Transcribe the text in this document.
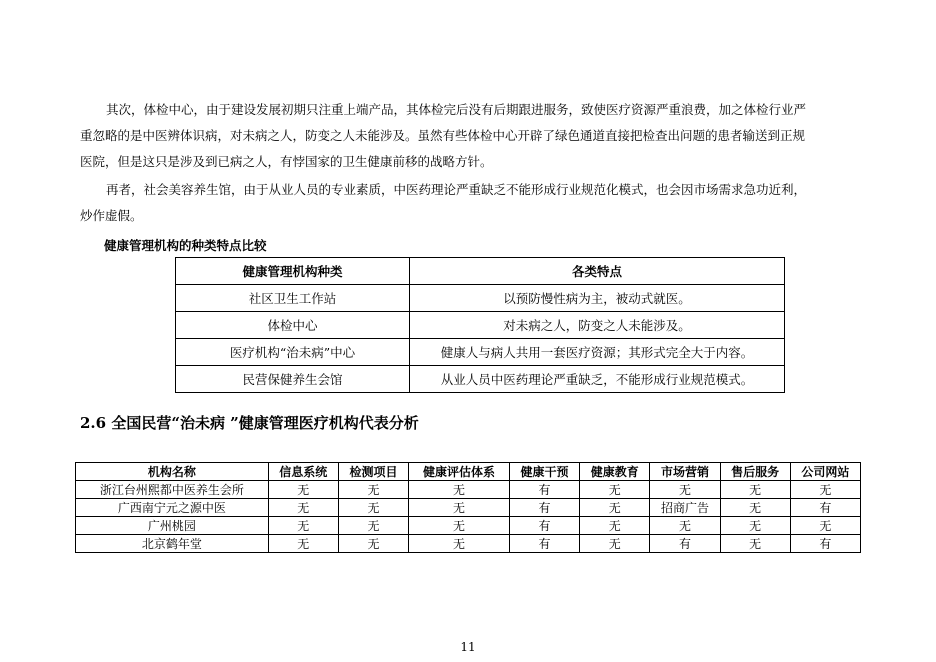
其次，体检中心，由于建设发展初期只注重上端产品，其体检完后没有后期跟进服务，致使医疗资源严重浪费，加之体检行业严
重忽略的是中医辨体识病，对未病之人，防变之人未能涉及。虽然有些体检中心开辟了绿色通道直接把检查出问题的患者输送到正规
医院，但是这只是涉及到已病之人，有悖国家的卫生健康前移的战略方针。
再者，社会美容养生馆，由于从业人员的专业素质，中医药理论严重缺乏不能形成行业规范化模式，也会因市场需求急功近利，
炒作虚假。

健康管理机构的种类特点比较

健康管理机构种类	各类特点
社区卫生工作站	以预防慢性病为主，被动式就医。
体检中心	对未病之人，防变之人未能涉及。
医疗机构“治未病”中心	健康人与病人共用一套医疗资源；其形式完全大于内容。
民营保健养生会馆	从业人员中医药理论严重缺乏，不能形成行业规范模式。
2.6 全国民营“治未病 ”健康管理医疗机构代表分析
机构名称	信息系统	检测项目	健康评估体系	健康干预	健康教育	市场营销	售后服务	公司网站
浙江台州熙都中医养生会所	无	无	无	有	无	无	无	无
广西南宁元之源中医	无	无	无	有	无	招商广告	无	有
广州桃园	无	无	无	有	无	无	无	无
北京鹤年堂	无	无	无	有	无	有	无	有
11
